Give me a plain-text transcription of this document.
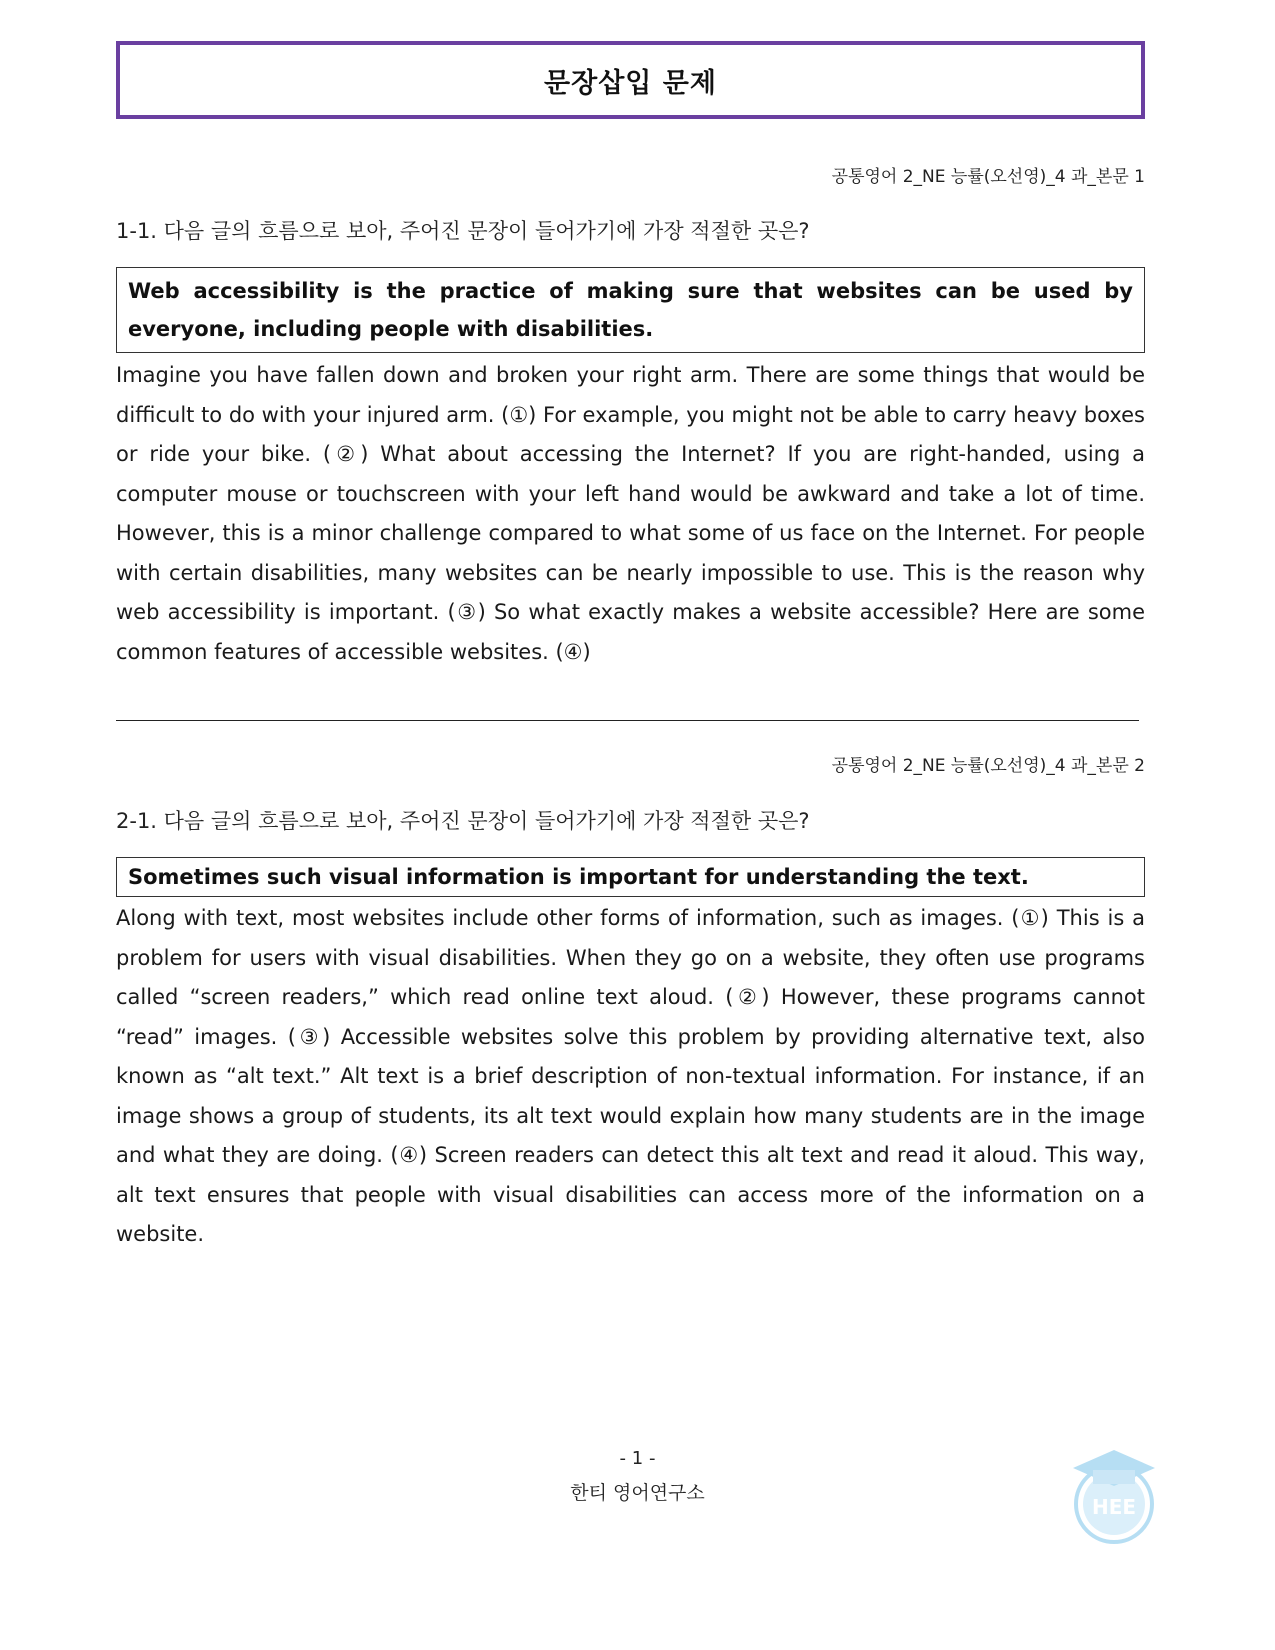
문장삽입 문제
공통영어 2_NE 능률(오선영)_4 과_본문 1
1-1. 다음 글의 흐름으로 보아, 주어진 문장이 들어가기에 가장 적절한 곳은?
Web accessibility is the practice of making sure that websites can be used by everyone, including people with disabilities.
Imagine you have fallen down and broken your right arm. There are some things that would be difficult to do with your injured arm. (①) For example, you might not be able to carry heavy boxes or ride your bike. (②) What about accessing the Internet? If you are right-handed, using a computer mouse or touchscreen with your left hand would be awkward and take a lot of time. However, this is a minor challenge compared to what some of us face on the Internet. For people with certain disabilities, many websites can be nearly impossible to use. This is the reason why web accessibility is important. (③) So what exactly makes a website accessible? Here are some common features of accessible websites. (④)
공통영어 2_NE 능률(오선영)_4 과_본문 2
2-1. 다음 글의 흐름으로 보아, 주어진 문장이 들어가기에 가장 적절한 곳은?
Sometimes such visual information is important for understanding the text.
Along with text, most websites include other forms of information, such as images. (①) This is a problem for users with visual disabilities. When they go on a website, they often use programs called “screen readers,” which read online text aloud. (②) However, these programs cannot “read” images. (③) Accessible websites solve this problem by providing alternative text, also known as “alt text.” Alt text is a brief description of non-textual information. For instance, if an image shows a group of students, its alt text would explain how many students are in the image and what they are doing. (④) Screen readers can detect this alt text and read it aloud. This way, alt text ensures that people with visual disabilities can access more of the information on a website.
HEE
- 1 -
한티 영어연구소
